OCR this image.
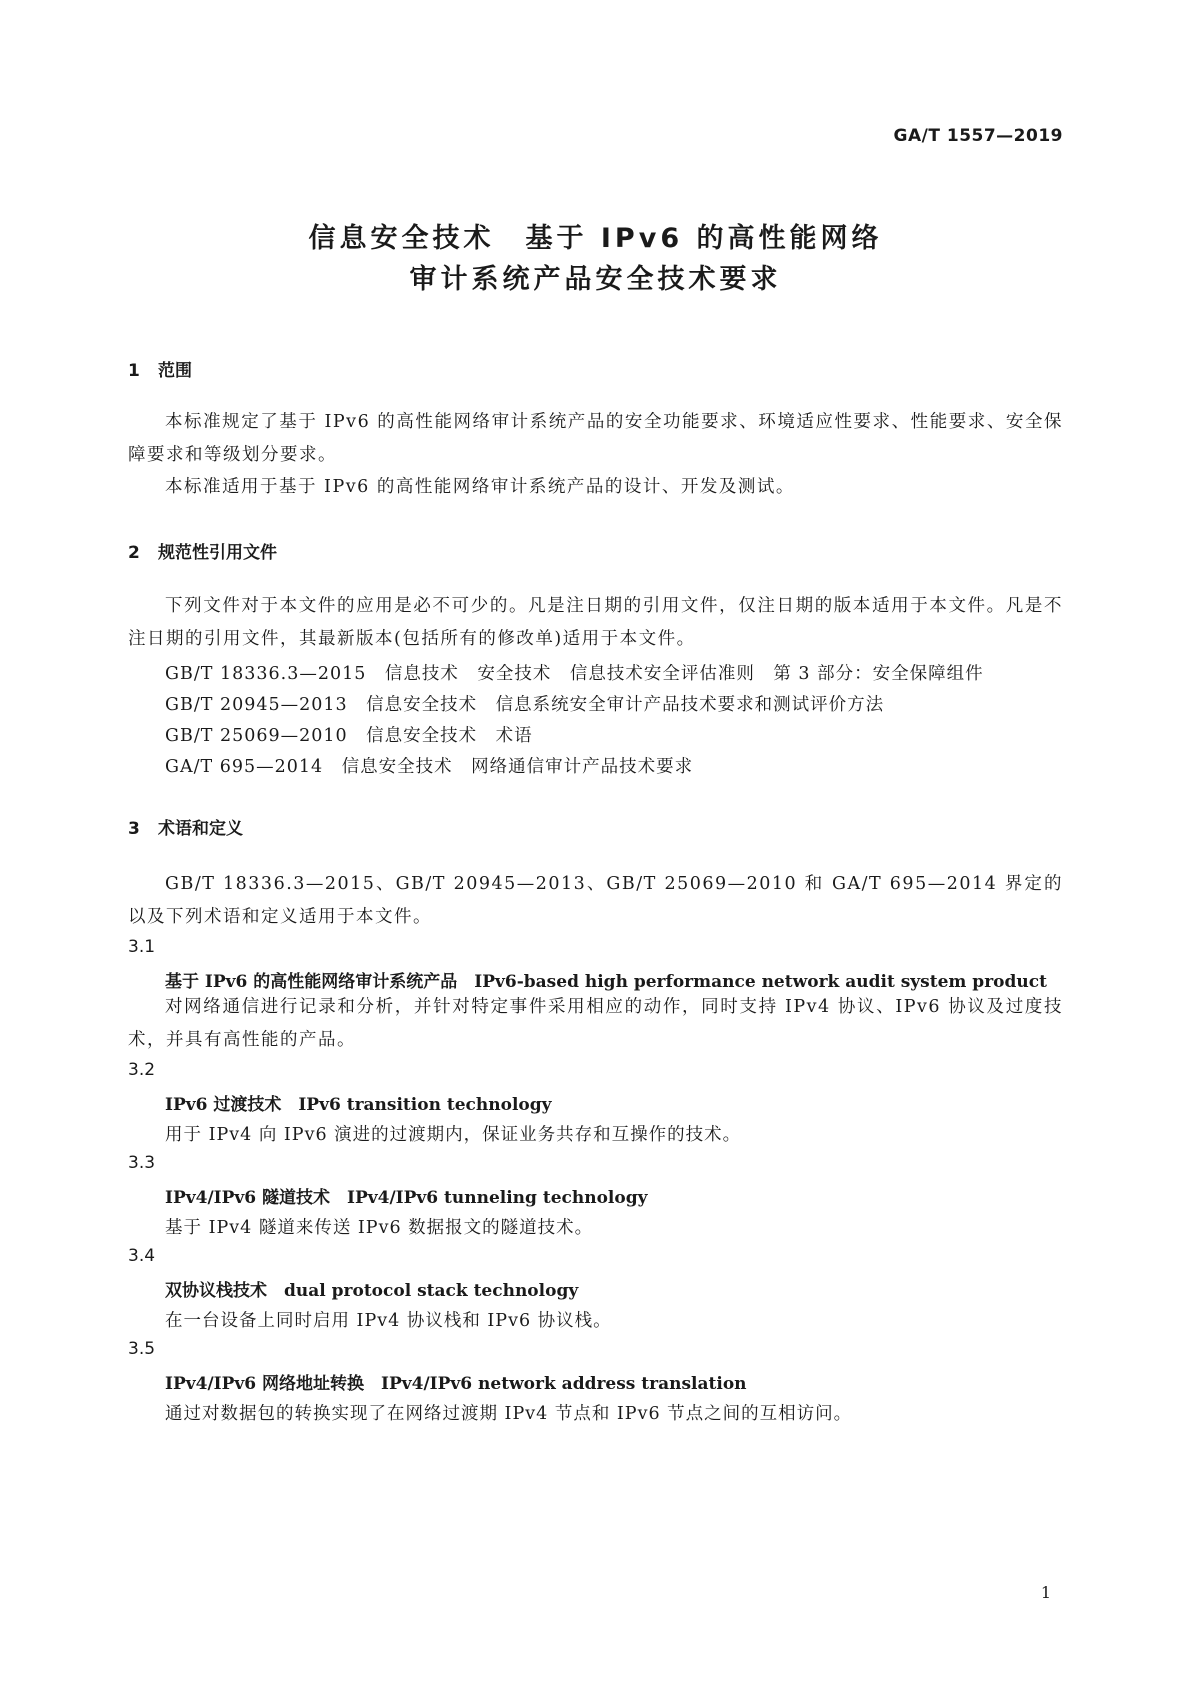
GA/T 1557—2019
信息安全技术　基于 IPv6 的高性能网络
审计系统产品安全技术要求
1 范围
本标准规定了基于 IPv6 的高性能网络审计系统产品的安全功能要求、环境适应性要求、性能要求、安全保障要求和等级划分要求。
本标准适用于基于 IPv6 的高性能网络审计系统产品的设计、开发及测试。
2 规范性引用文件
下列文件对于本文件的应用是必不可少的。凡是注日期的引用文件，仅注日期的版本适用于本文件。凡是不注日期的引用文件，其最新版本(包括所有的修改单)适用于本文件。
GB/T 18336.3—2015　信息技术　安全技术　信息技术安全评估准则　第 3 部分：安全保障组件
GB/T 20945—2013　信息安全技术　信息系统安全审计产品技术要求和测试评价方法
GB/T 25069—2010　信息安全技术　术语
GA/T 695—2014　信息安全技术　网络通信审计产品技术要求
3 术语和定义
GB/T 18336.3—2015、GB/T 20945—2013、GB/T 25069—2010 和 GA/T 695—2014 界定的以及下列术语和定义适用于本文件。
3.1
基于 IPv6 的高性能网络审计系统产品　IPv6-based high performance network audit system product
对网络通信进行记录和分析，并针对特定事件采用相应的动作，同时支持 IPv4 协议、IPv6 协议及过度技术，并具有高性能的产品。
3.2
IPv6 过渡技术　IPv6 transition technology
用于 IPv4 向 IPv6 演进的过渡期内，保证业务共存和互操作的技术。
3.3
IPv4/IPv6 隧道技术　IPv4/IPv6 tunneling technology
基于 IPv4 隧道来传送 IPv6 数据报文的隧道技术。
3.4
双协议栈技术　dual protocol stack technology
在一台设备上同时启用 IPv4 协议栈和 IPv6 协议栈。
3.5
IPv4/IPv6 网络地址转换　IPv4/IPv6 network address translation
通过对数据包的转换实现了在网络过渡期 IPv4 节点和 IPv6 节点之间的互相访问。
1
